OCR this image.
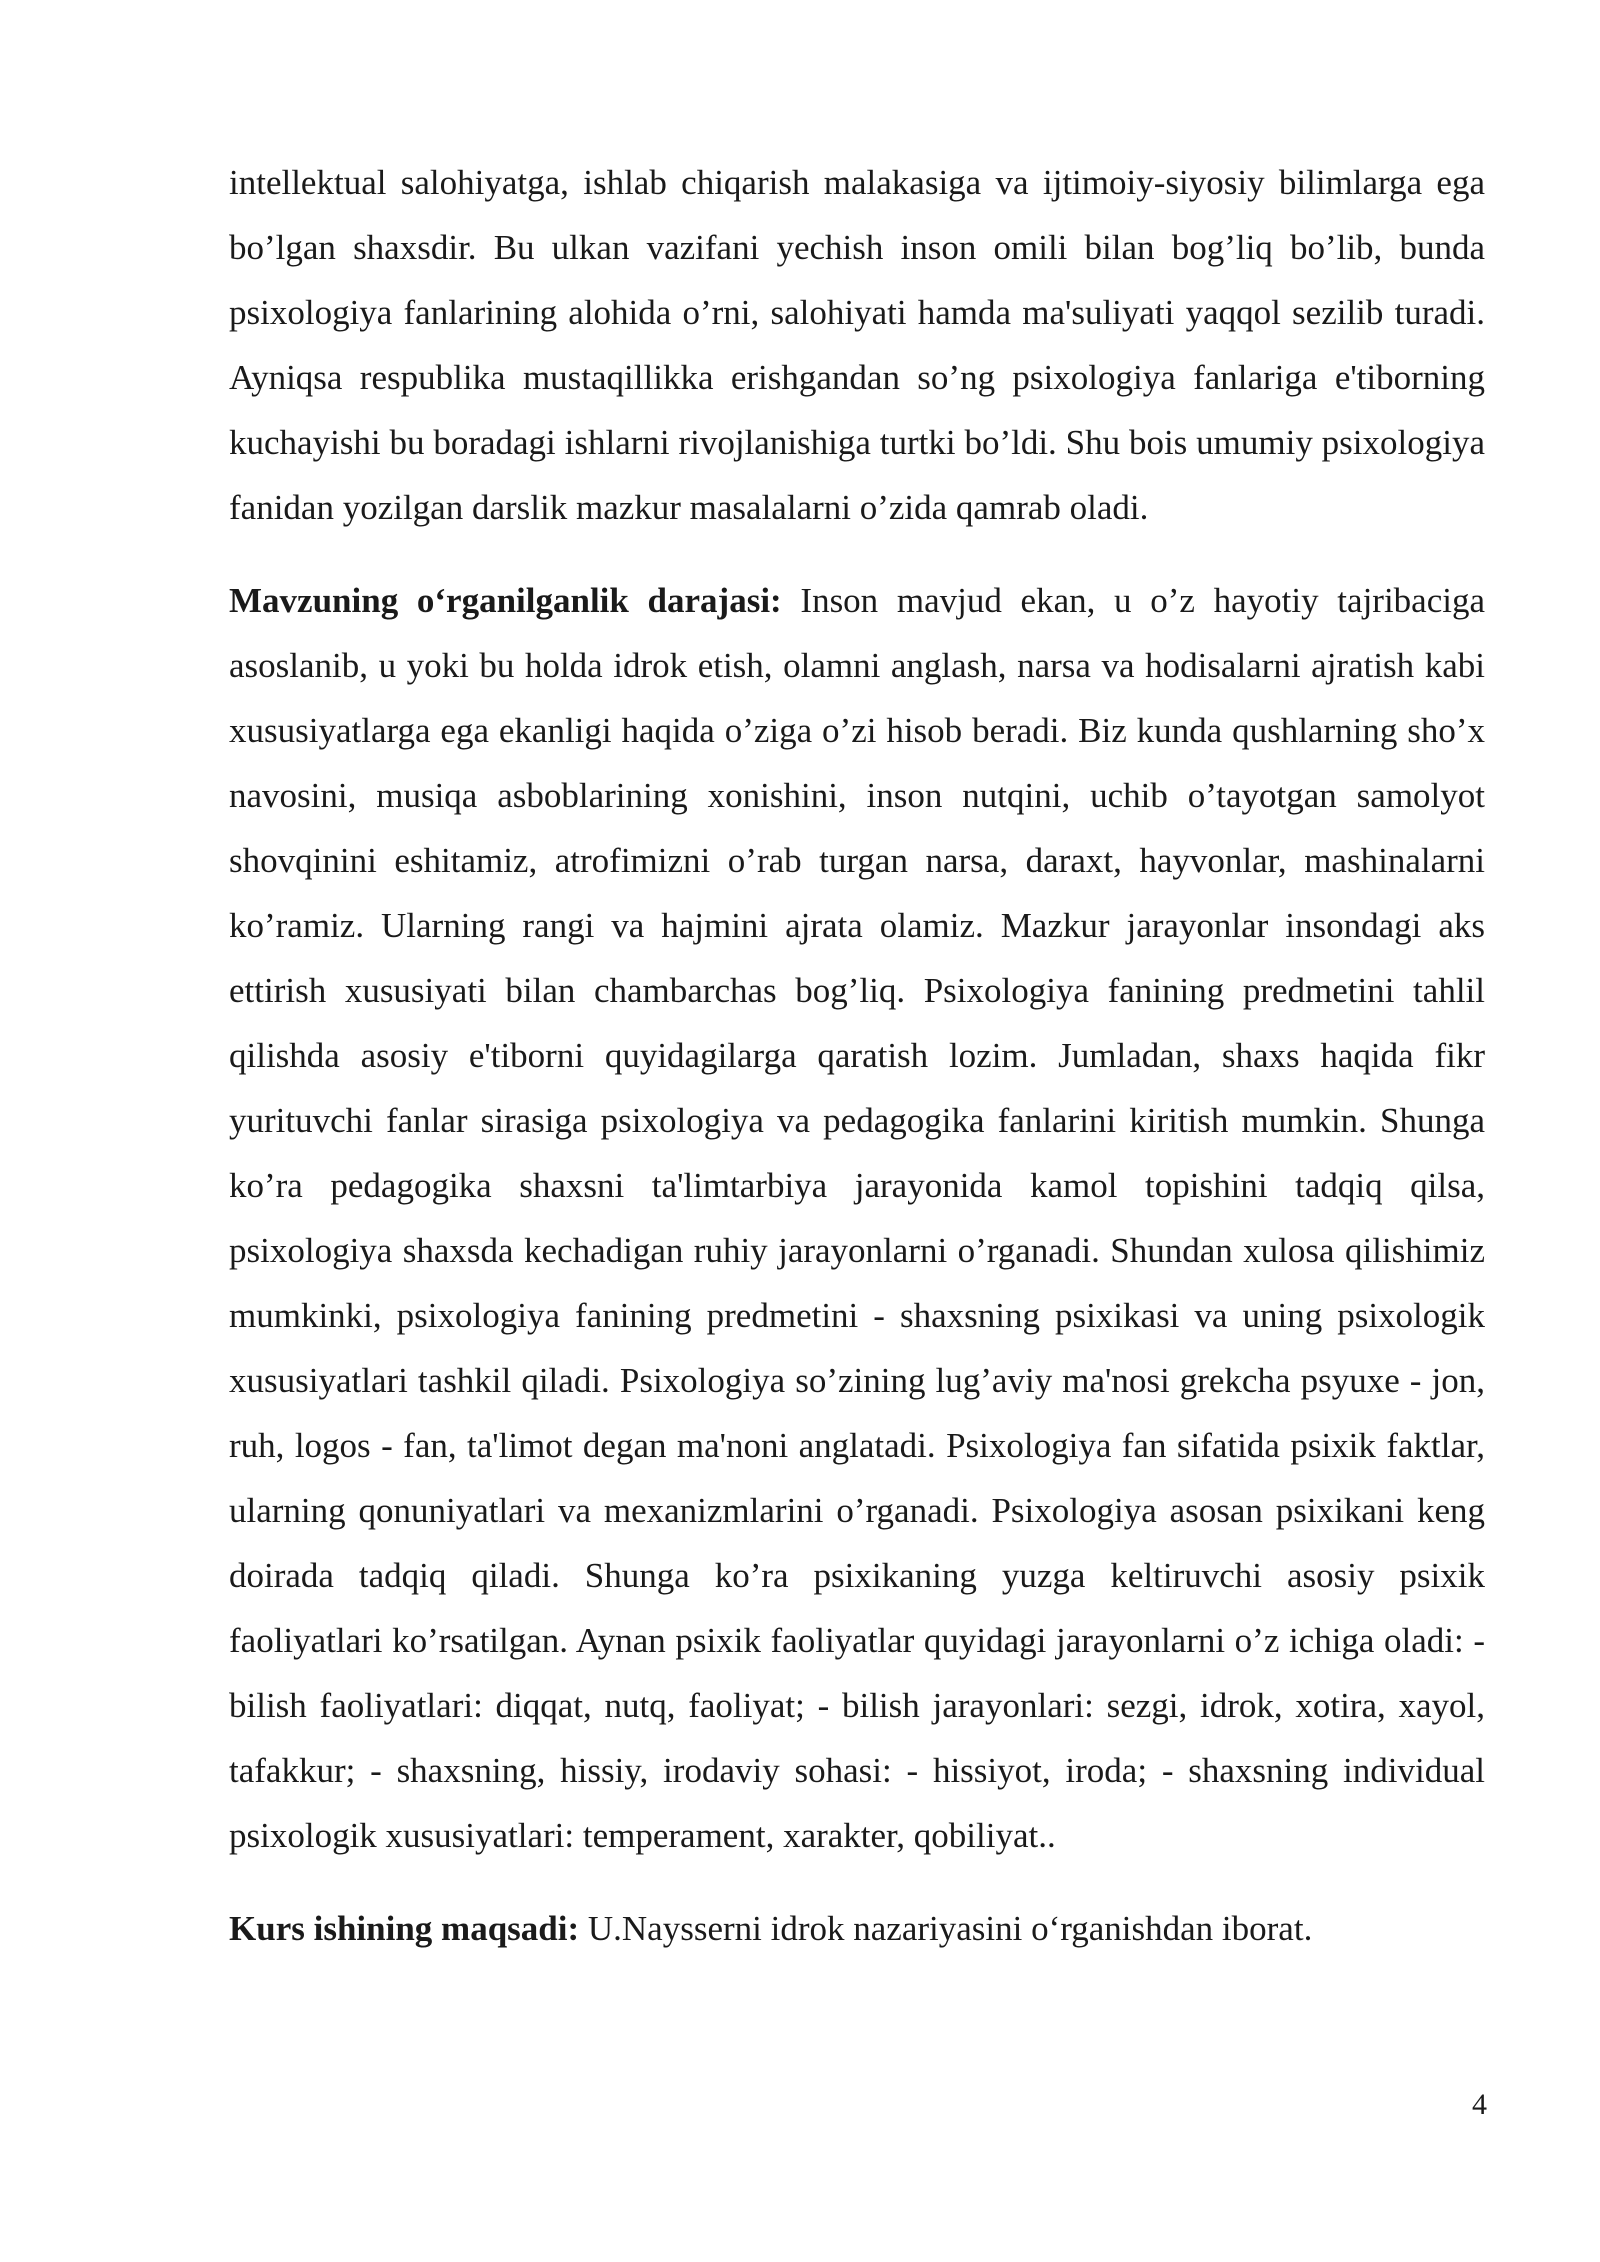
intellektual salohiyatga, ishlab chiqarish malakasiga va ijtimoiy-siyosiy bilimlarga ega bo’lgan shaxsdir. Bu ulkan vazifani yechish inson omili bilan bog’liq bo’lib, bunda psixologiya fanlarining alohida o’rni, salohiyati hamda ma'suliyati yaqqol sezilib turadi. Ayniqsa respublika mustaqillikka erishgandan so’ng psixologiya fanlariga e'tiborning kuchayishi bu boradagi ishlarni rivojlanishiga turtki bo’ldi. Shu bois umumiy psixologiya fanidan yozilgan darslik mazkur masalalarni o’zida qamrab oladi.

Mavzuning oʻrganilganlik darajasi: Inson mavjud ekan, u o’z hayotiy tajribaciga asoslanib, u yoki bu holda idrok etish, olamni anglash, narsa va hodisalarni ajratish kabi xususiyatlarga ega ekanligi haqida o’ziga o’zi hisob beradi. Biz kunda qushlarning sho’x navosini, musiqa asboblarining xonishini, inson nutqini, uchib o’tayotgan samolyot shovqinini eshitamiz, atrofimizni o’rab turgan narsa, daraxt, hayvonlar, mashinalarni ko’ramiz. Ularning rangi va hajmini ajrata olamiz. Mazkur jarayonlar insondagi aks ettirish xususiyati bilan chambarchas bog’liq. Psixologiya fanining predmetini tahlil qilishda asosiy e'tiborni quyidagilarga qaratish lozim. Jumladan, shaxs haqida fikr yurituvchi fanlar sirasiga psixologiya va pedagogika fanlarini kiritish mumkin. Shunga ko’ra pedagogika shaxsni ta'limtarbiya jarayonida kamol topishini tadqiq qilsa, psixologiya shaxsda kechadigan ruhiy jarayonlarni o’rganadi. Shundan xulosa qilishimiz mumkinki, psixologiya fanining predmetini - shaxsning psixikasi va uning psixologik xususiyatlari tashkil qiladi. Psixologiya so’zining lug’aviy ma'nosi grekcha psyuxe - jon, ruh, logos - fan, ta'limot degan ma'noni anglatadi. Psixologiya fan sifatida psixik faktlar, ularning qonuniyatlari va mexanizmlarini o’rganadi. Psixologiya asosan psixikani keng doirada tadqiq qiladi. Shunga ko’ra psixikaning yuzga keltiruvchi asosiy psixik faoliyatlari ko’rsatilgan. Aynan psixik faoliyatlar quyidagi jarayonlarni o’z ichiga oladi: - bilish faoliyatlari: diqqat, nutq, faoliyat; - bilish jarayonlari: sezgi, idrok, xotira, xayol, tafakkur; - shaxsning, hissiy, irodaviy sohasi: - hissiyot, iroda; - shaxsning individual psixologik xususiyatlari: temperament, xarakter, qobiliyat..

Kurs ishining maqsadi: U.Naysserni idrok nazariyasini oʻrganishdan iborat.

4
